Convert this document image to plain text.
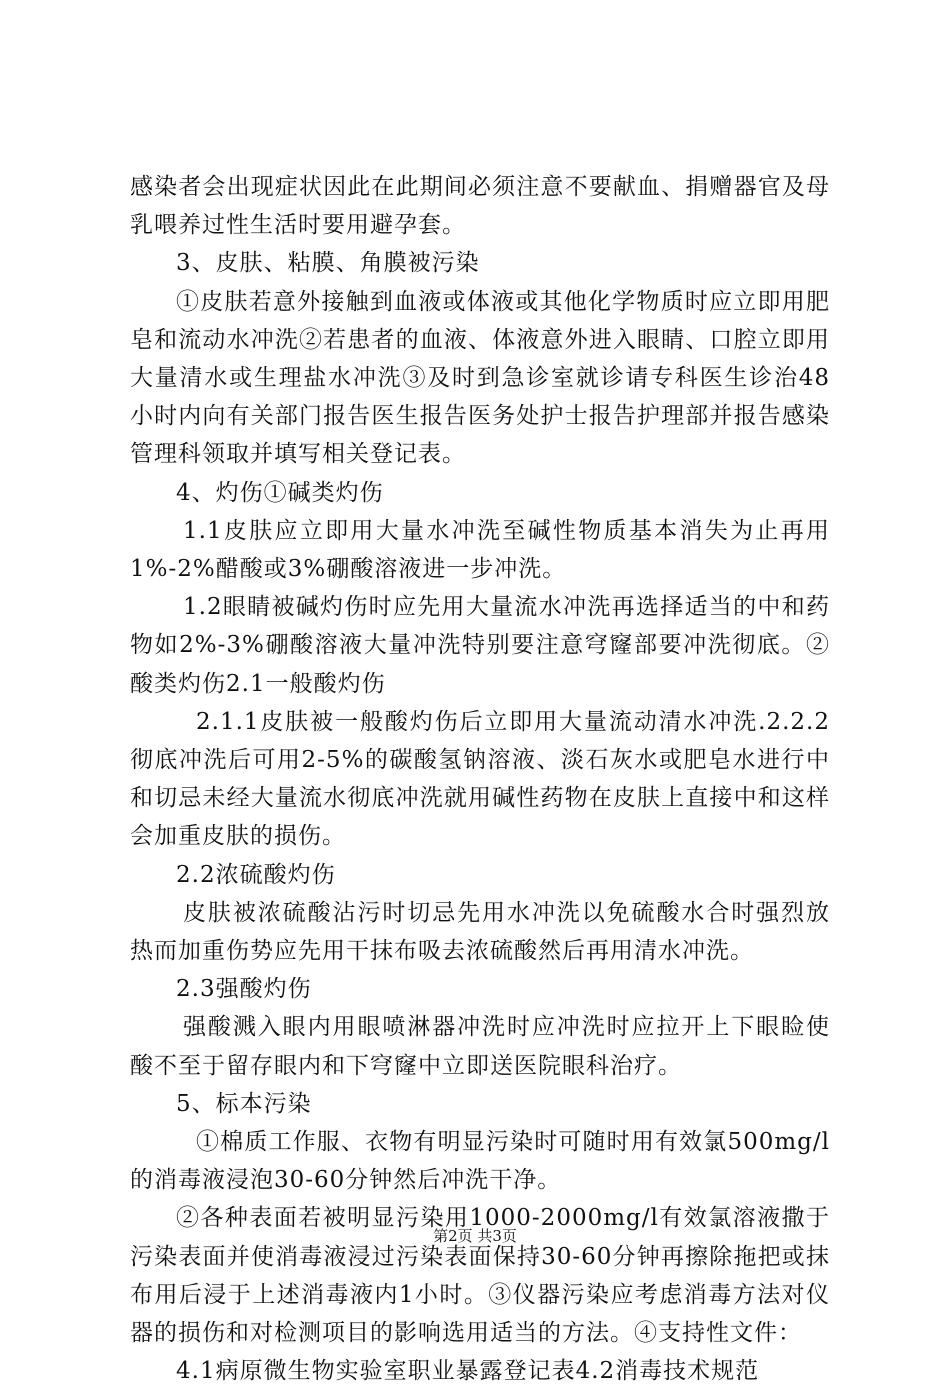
感染者会出现症状因此在此期间必须注意不要献血、捐赠器官及母乳喂养过性生活时要用避孕套。

3、皮肤、粘膜、角膜被污染

①皮肤若意外接触到血液或体液或其他化学物质时应立即用肥皂和流动水冲洗②若患者的血液、体液意外进入眼睛、口腔立即用大量清水或生理盐水冲洗③及时到急诊室就诊请专科医生诊治48小时内向有关部门报告医生报告医务处护士报告护理部并报告感染管理科领取并填写相关登记表。

4、灼伤①碱类灼伤

1.1皮肤应立即用大量水冲洗至碱性物质基本消失为止再用1%-2%醋酸或3%硼酸溶液进一步冲洗。

1.2眼睛被碱灼伤时应先用大量流水冲洗再选择适当的中和药物如2%-3%硼酸溶液大量冲洗特别要注意穹窿部要冲洗彻底。②酸类灼伤2.1一般酸灼伤

2.1.1皮肤被一般酸灼伤后立即用大量流动清水冲洗.2.2.2彻底冲洗后可用2-5%的碳酸氢钠溶液、淡石灰水或肥皂水进行中和切忌未经大量流水彻底冲洗就用碱性药物在皮肤上直接中和这样会加重皮肤的损伤。

2.2浓硫酸灼伤

皮肤被浓硫酸沾污时切忌先用水冲洗以免硫酸水合时强烈放热而加重伤势应先用干抹布吸去浓硫酸然后再用清水冲洗。

2.3强酸灼伤

强酸溅入眼内用眼喷淋器冲洗时应冲洗时应拉开上下眼睑使酸不至于留存眼内和下穹窿中立即送医院眼科治疗。

5、标本污染

①棉质工作服、衣物有明显污染时可随时用有效氯500mg/l的消毒液浸泡30-60分钟然后冲洗干净。

②各种表面若被明显污染用1000-2000mg/l有效氯溶液撒于污染表面并使消毒液浸过污染表面保持30-60分钟再擦除拖把或抹布用后浸于上述消毒液内1小时。③仪器污染应考虑消毒方法对仪器的损伤和对检测项目的影响选用适当的方法。④支持性文件：

4.1病原微生物实验室职业暴露登记表4.2消毒技术规范

第2页 共3页
